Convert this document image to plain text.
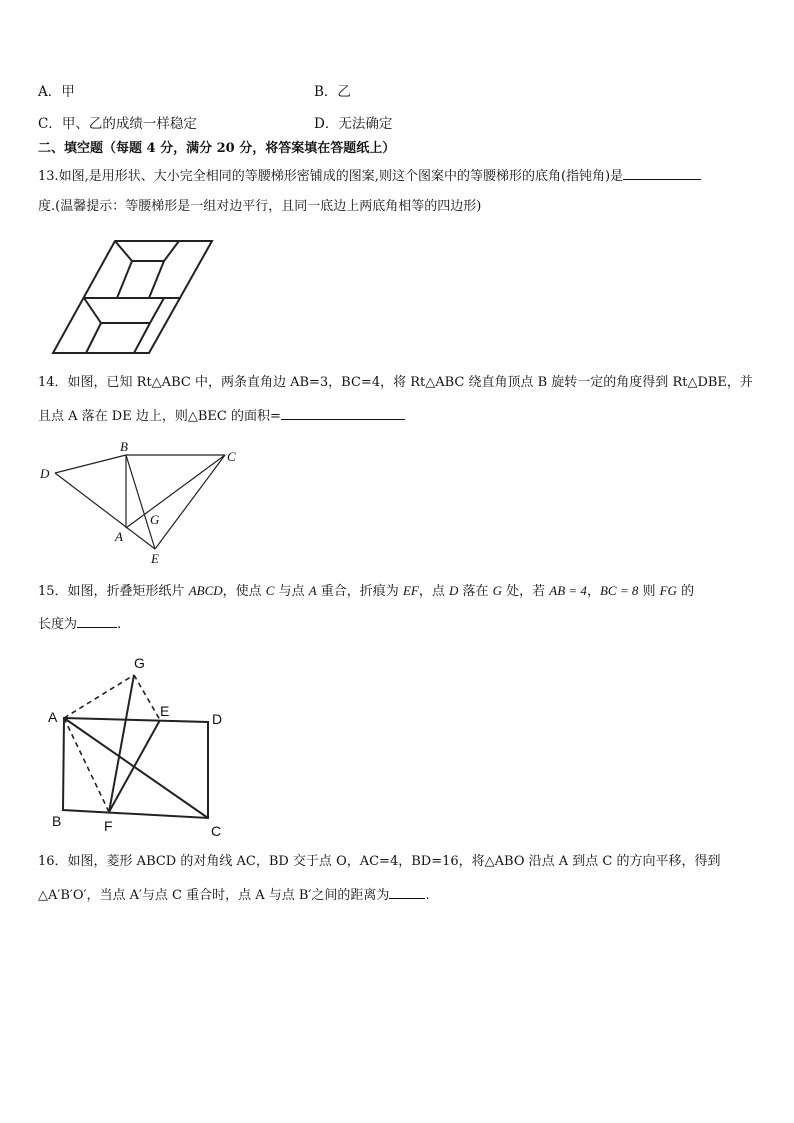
A．甲	B．乙
C．甲、乙的成绩一样稳定	D．无法确定
二、填空题（每题 4 分，满分 20 分，将答案填在答题纸上）
13.如图,是用形状、大小完全相同的等腰梯形密铺成的图案,则这个图案中的等腰梯形的底角(指钝角)是
度.(温馨提示：等腰梯形是一组对边平行，且同一底边上两底角相等的四边形)
14．如图，已知 Rt△ABC 中，两条直角边 AB=3，BC=4，将 Rt△ABC 绕直角顶点 B 旋转一定的角度得到 Rt△DBE，并
且点 A 落在 DE 边上，则△BEC 的面积=
B
C
D
G
A
E
15．如图，折叠矩形纸片 ABCD，使点 C 与点 A 重合，折痕为 EF，点 D 落在 G 处，若 AB = 4，BC = 8 则 FG 的
长度为	.
G
A	E	D
B	F	C
16．如图，菱形 ABCD 的对角线 AC，BD 交于点 O，AC=4，BD=16，将△ABO 沿点 A 到点 C 的方向平移，得到
△A′B′O′，当点 A′与点 C 重合时，点 A 与点 B′之间的距离为	.
